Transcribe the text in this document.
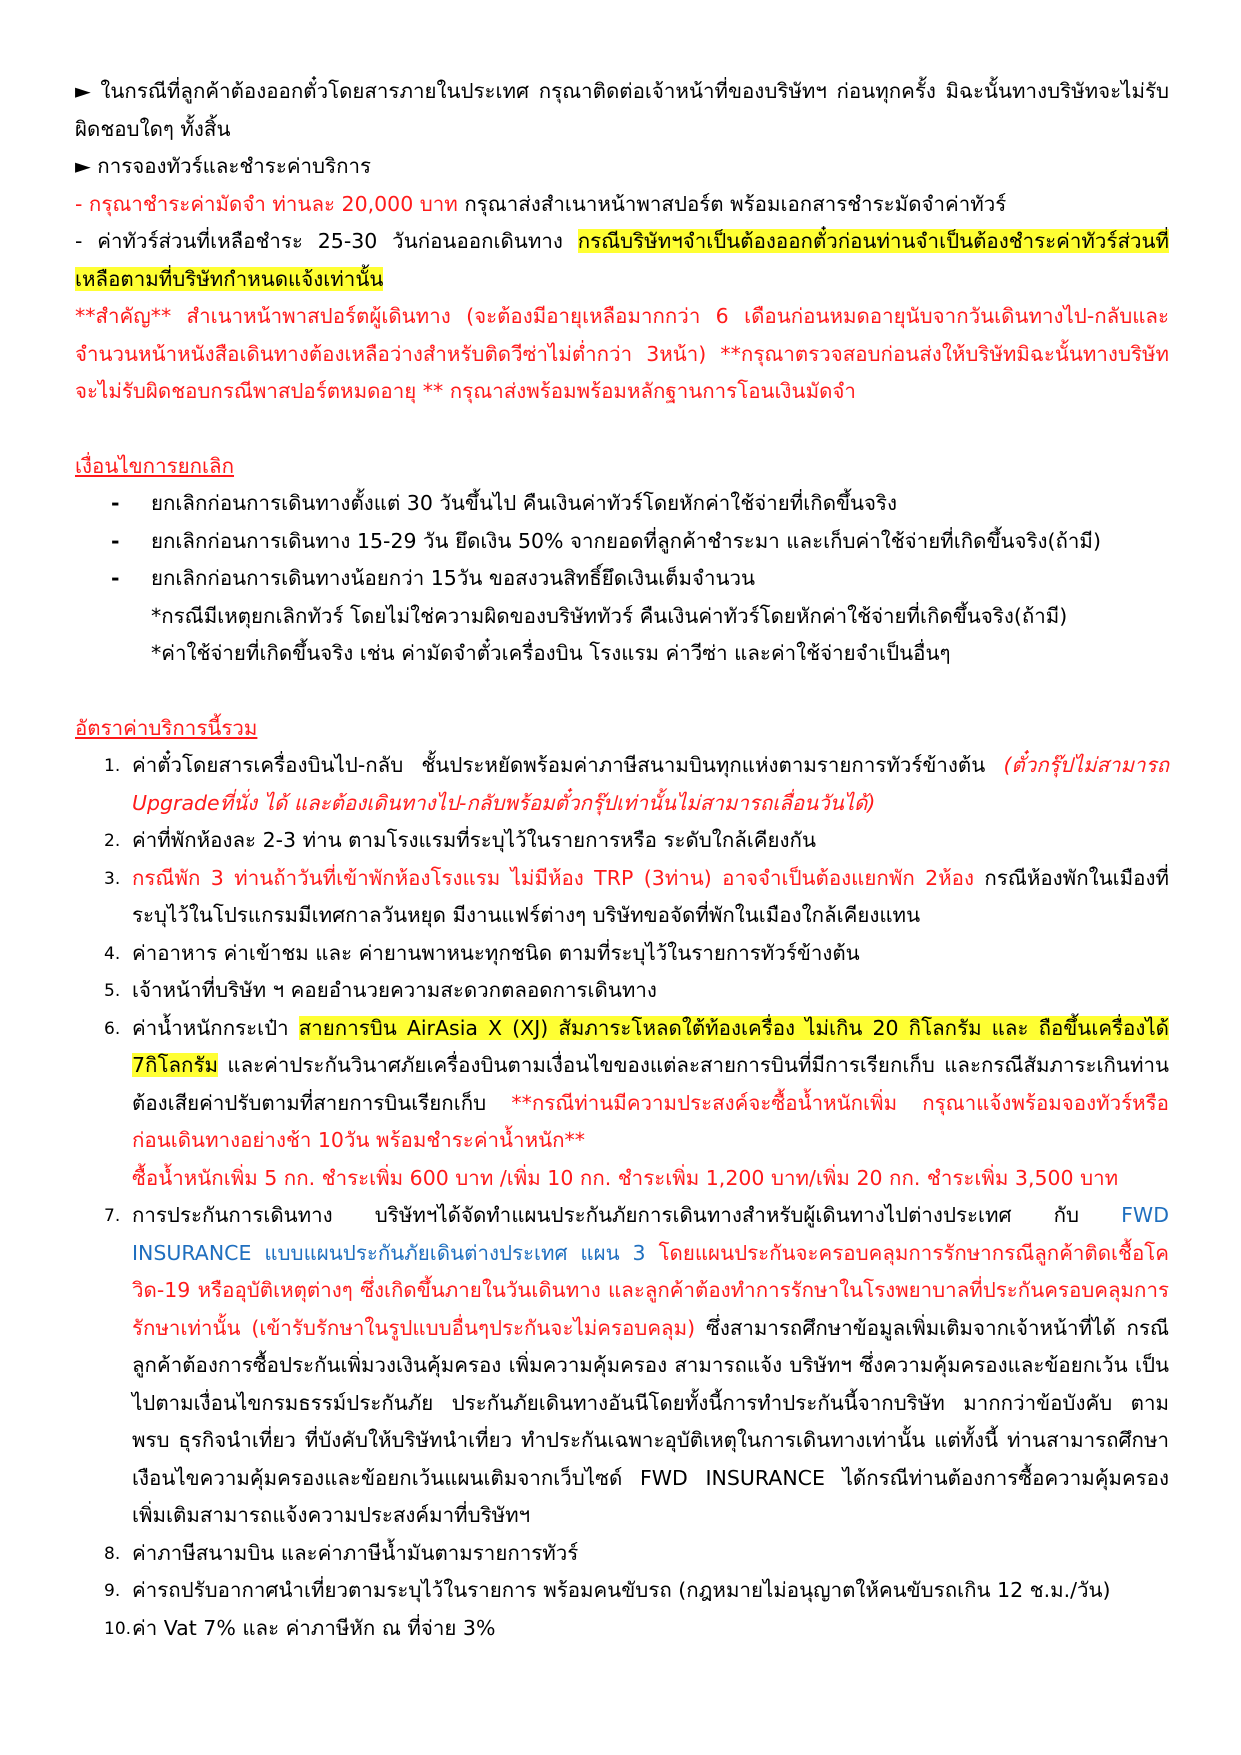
► ในกรณีที่ลูกค้าต้องออกตั๋วโดยสารภายในประเทศ กรุณาติดต่อเจ้าหน้าที่ของบริษัทฯ ก่อนทุกครั้ง มิฉะนั้นทางบริษัทจะไม่รับผิดชอบใดๆ ทั้งสิ้น

► การจองทัวร์และชำระค่าบริการ

- กรุณาชำระค่ามัดจำ ท่านละ 20,000 บาท กรุณาส่งสำเนาหน้าพาสปอร์ต พร้อมเอกสารชำระมัดจำค่าทัวร์

- ค่าทัวร์ส่วนที่เหลือชำระ 25-30 วันก่อนออกเดินทาง กรณีบริษัทฯจำเป็นต้องออกตั๋วก่อนท่านจำเป็นต้องชำระค่าทัวร์ส่วนที่เหลือตามที่บริษัทกำหนดแจ้งเท่านั้น

**สำคัญ** สำเนาหน้าพาสปอร์ตผู้เดินทาง (จะต้องมีอายุเหลือมากกว่า 6 เดือนก่อนหมดอายุนับจากวันเดินทางไป-กลับและจำนวนหน้าหนังสือเดินทางต้องเหลือว่างสำหรับติดวีซ่าไม่ต่ำกว่า 3หน้า) **กรุณาตรวจสอบก่อนส่งให้บริษัทมิฉะนั้นทางบริษัทจะไม่รับผิดชอบกรณีพาสปอร์ตหมดอายุ ** กรุณาส่งพร้อมพร้อมหลักฐานการโอนเงินมัดจำ

เงื่อนไขการยกเลิก

- ยกเลิกก่อนการเดินทางตั้งแต่ 30 วันขึ้นไป คืนเงินค่าทัวร์โดยหักค่าใช้จ่ายที่เกิดขึ้นจริง
- ยกเลิกก่อนการเดินทาง 15-29 วัน ยึดเงิน 50% จากยอดที่ลูกค้าชำระมา และเก็บค่าใช้จ่ายที่เกิดขึ้นจริง(ถ้ามี)
- ยกเลิกก่อนการเดินทางน้อยกว่า 15วัน ขอสงวนสิทธิ์ยึดเงินเต็มจำนวน

*กรณีมีเหตุยกเลิกทัวร์ โดยไม่ใช่ความผิดของบริษัททัวร์ คืนเงินค่าทัวร์โดยหักค่าใช้จ่ายที่เกิดขึ้นจริง(ถ้ามี)

*ค่าใช้จ่ายที่เกิดขึ้นจริง เช่น ค่ามัดจำตั๋วเครื่องบิน โรงแรม ค่าวีซ่า และค่าใช้จ่ายจำเป็นอื่นๆ

อัตราค่าบริการนี้รวม

1. ค่าตั๋วโดยสารเครื่องบินไป-กลับ ชั้นประหยัดพร้อมค่าภาษีสนามบินทุกแห่งตามรายการทัวร์ข้างต้น (ตั๋วกรุ๊ปไม่สามารถ Upgradeที่นั่ง ได้ และต้องเดินทางไป-กลับพร้อมตั๋วกรุ๊ปเท่านั้นไม่สามารถเลื่อนวันได้)
2. ค่าที่พักห้องละ 2-3 ท่าน ตามโรงแรมที่ระบุไว้ในรายการหรือ ระดับใกล้เคียงกัน
3. กรณีพัก 3 ท่านถ้าวันที่เข้าพักห้องโรงแรม ไม่มีห้อง TRP (3ท่าน) อาจจำเป็นต้องแยกพัก 2ห้อง กรณีห้องพักในเมืองที่ระบุไว้ในโปรแกรมมีเทศกาลวันหยุด มีงานแฟร์ต่างๆ บริษัทขอจัดที่พักในเมืองใกล้เคียงแทน
4. ค่าอาหาร ค่าเข้าชม และ ค่ายานพาหนะทุกชนิด ตามที่ระบุไว้ในรายการทัวร์ข้างต้น
5. เจ้าหน้าที่บริษัท ฯ คอยอำนวยความสะดวกตลอดการเดินทาง
6. ค่าน้ำหนักกระเป๋า สายการบิน AirAsia X (XJ) สัมภาระโหลดใต้ท้องเครื่อง ไม่เกิน 20 กิโลกรัม และ ถือขึ้นเครื่องได้ 7กิโลกรัม และค่าประกันวินาศภัยเครื่องบินตามเงื่อนไขของแต่ละสายการบินที่มีการเรียกเก็บ และกรณีสัมภาระเกินท่านต้องเสียค่าปรับตามที่สายการบินเรียกเก็บ **กรณีท่านมีความประสงค์จะซื้อน้ำหนักเพิ่ม กรุณาแจ้งพร้อมจองทัวร์หรือก่อนเดินทางอย่างช้า 10วัน พร้อมชำระค่าน้ำหนัก**
ซื้อน้ำหนักเพิ่ม 5 กก. ชำระเพิ่ม 600 บาท /เพิ่ม 10 กก. ชำระเพิ่ม 1,200 บาท/เพิ่ม 20 กก. ชำระเพิ่ม 3,500 บาท
7. การประกันการเดินทาง บริษัทฯได้จัดทำแผนประกันภัยการเดินทางสำหรับผู้เดินทางไปต่างประเทศ กับ FWD INSURANCE แบบแผนประกันภัยเดินต่างประเทศ แผน 3 โดยแผนประกันจะครอบคลุมการรักษากรณีลูกค้าติดเชื้อโควิด-19 หรืออุบัติเหตุต่างๆ ซึ่งเกิดขึ้นภายในวันเดินทาง และลูกค้าต้องทำการรักษาในโรงพยาบาลที่ประกันครอบคลุมการรักษาเท่านั้น (เข้ารับรักษาในรูปแบบอื่นๆประกันจะไม่ครอบคลุม) ซึ่งสามารถศึกษาข้อมูลเพิ่มเติมจากเจ้าหน้าที่ได้ กรณีลูกค้าต้องการซื้อประกันเพิ่มวงเงินคุ้มครอง เพิ่มความคุ้มครอง สามารถแจ้ง บริษัทฯ ซึ่งความคุ้มครองและข้อยกเว้น เป็นไปตามเงื่อนไขกรมธรรม์ประกันภัย ประกันภัยเดินทางอันนีโดยทั้งนี้การทำประกันนี้จากบริษัท มากกว่าข้อบังคับ ตาม พรบ ธุรกิจนำเที่ยว ที่บังคับให้บริษัทนำเที่ยว ทำประกันเฉพาะอุบัติเหตุในการเดินทางเท่านั้น แต่ทั้งนี้ ท่านสามารถศึกษาเงือนไขความคุ้มครองและข้อยกเว้นแผนเติมจากเว็บไซด์ FWD INSURANCE ได้กรณีท่านต้องการซื้อความคุ้มครองเพิ่มเติมสามารถแจ้งความประสงค์มาที่บริษัทฯ
8. ค่าภาษีสนามบิน และค่าภาษีน้ำมันตามรายการทัวร์
9. ค่ารถปรับอากาศนำเที่ยวตามระบุไว้ในรายการ พร้อมคนขับรถ (กฎหมายไม่อนุญาตให้คนขับรถเกิน 12 ช.ม./วัน)
10. ค่า Vat 7% และ ค่าภาษีหัก ณ ที่จ่าย 3%
